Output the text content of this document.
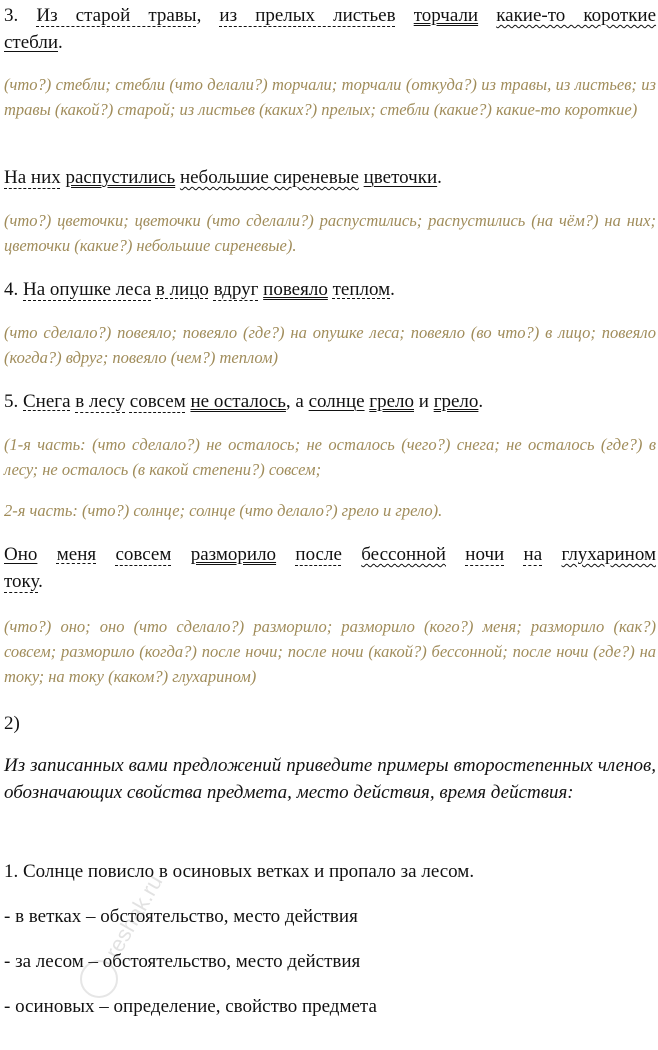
3. Из старой травы, из прелых листьев торчали какие-то короткие
стебли.

(что?) стебли; стебли (что делали?) торчали; торчали (откуда?) из травы, из листьев; из травы (какой?) старой; из листьев (каких?) прелых; стебли (какие?) какие-то короткие)

На них распустились небольшие сиреневые цветочки.

(что?) цветочки; цветочки (что сделали?) распустились; распустились (на чём?) на них; цветочки (какие?) небольшие сиреневые).

4. На опушке леса в лицо вдруг повеяло теплом.

(что сделало?) повеяло; повеяло (где?) на опушке леса; повеяло (во что?) в лицо; повеяло (когда?) вдруг; повеяло (чем?) теплом)

5. Снега в лесу совсем не осталось, а солнце грело и грело.

(1-я часть: (что сделало?) не осталось; не осталось (чего?) снега; не осталось (где?) в лесу; не осталось (в какой степени?) совсем;

2-я часть: (что?) солнце; солнце (что делало?) грело и грело).

Оно меня совсем разморило после бессонной ночи на глухарином
току.

(что?) оно; оно (что сделало?) разморило; разморило (кого?) меня; разморило (как?) совсем; разморило (когда?) после ночи; после ночи (какой?) бессонной; после ночи (где?) на току; на току (каком?) глухарином)

2)

Из записанных вами предложений приведите примеры второстепенных членов, обозначающих свойства предмета, место действия, время действия:

1. Солнце повисло в осиновых ветках и пропало за лесом.

- в ветках – обстоятельство, место действия

- за лесом – обстоятельство, место действия

- осиновых – определение, свойство предмета

reshak.ru
